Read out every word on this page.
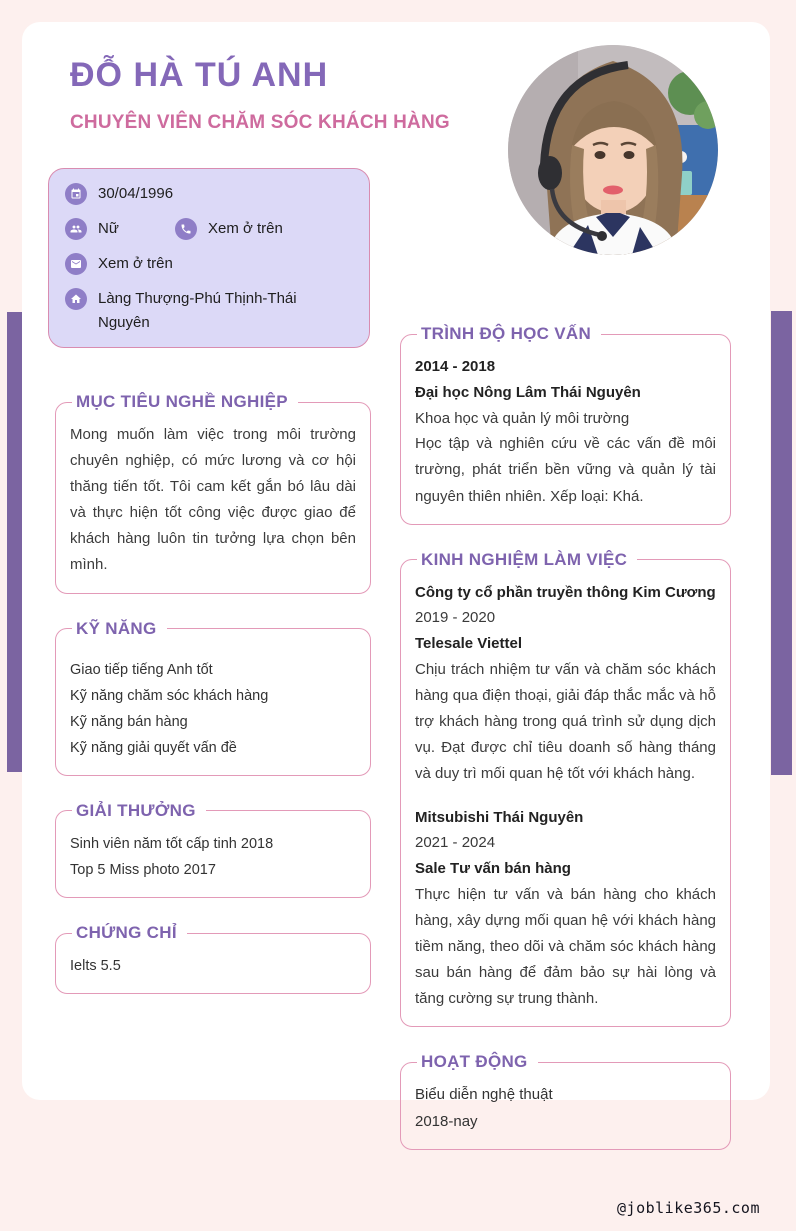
ĐỖ HÀ TÚ ANH
CHUYÊN VIÊN CHĂM SÓC KHÁCH HÀNG
30/04/1996
Nữ	Xem ở trên
Xem ở trên
Làng Thượng-Phú Thịnh-Thái Nguyên
MỤC TIÊU NGHỀ NGHIỆP

Mong muốn làm việc trong môi trường chuyên nghiệp, có mức lương và cơ hội thăng tiến tốt. Tôi cam kết gắn bó lâu dài và thực hiện tốt công việc được giao để khách hàng luôn tin tưởng lựa chọn bên mình.

KỸ NĂNG
Giao tiếp tiếng Anh tốt
Kỹ năng chăm sóc khách hàng
Kỹ năng bán hàng
Kỹ năng giải quyết vấn đề
GIẢI THƯỞNG
Sinh viên năm tốt cấp tinh 2018
Top 5 Miss photo 2017
CHỨNG CHỈ
Ielts 5.5
TRÌNH ĐỘ HỌC VẤN
2014 - 2018
Đại học Nông Lâm Thái Nguyên
Khoa học và quản lý môi trường

Học tập và nghiên cứu về các vấn đề môi trường, phát triển bền vững và quản lý tài nguyên thiên nhiên. Xếp loại: Khá.

KINH NGHIỆM LÀM VIỆC
Công ty cổ phần truyền thông Kim Cương
2019 - 2020
Telesale Viettel

Chịu trách nhiệm tư vấn và chăm sóc khách hàng qua điện thoại, giải đáp thắc mắc và hỗ trợ khách hàng trong quá trình sử dụng dịch vụ. Đạt được chỉ tiêu doanh số hàng tháng và duy trì mối quan hệ tốt với khách hàng.

Mitsubishi Thái Nguyên
2021 - 2024
Sale Tư vấn bán hàng

Thực hiện tư vấn và bán hàng cho khách hàng, xây dựng mối quan hệ với khách hàng tiềm năng, theo dõi và chăm sóc khách hàng sau bán hàng để đảm bảo sự hài lòng và tăng cường sự trung thành.

HOẠT ĐỘNG
Biểu diễn nghệ thuật
2018-nay
@joblike365.com
